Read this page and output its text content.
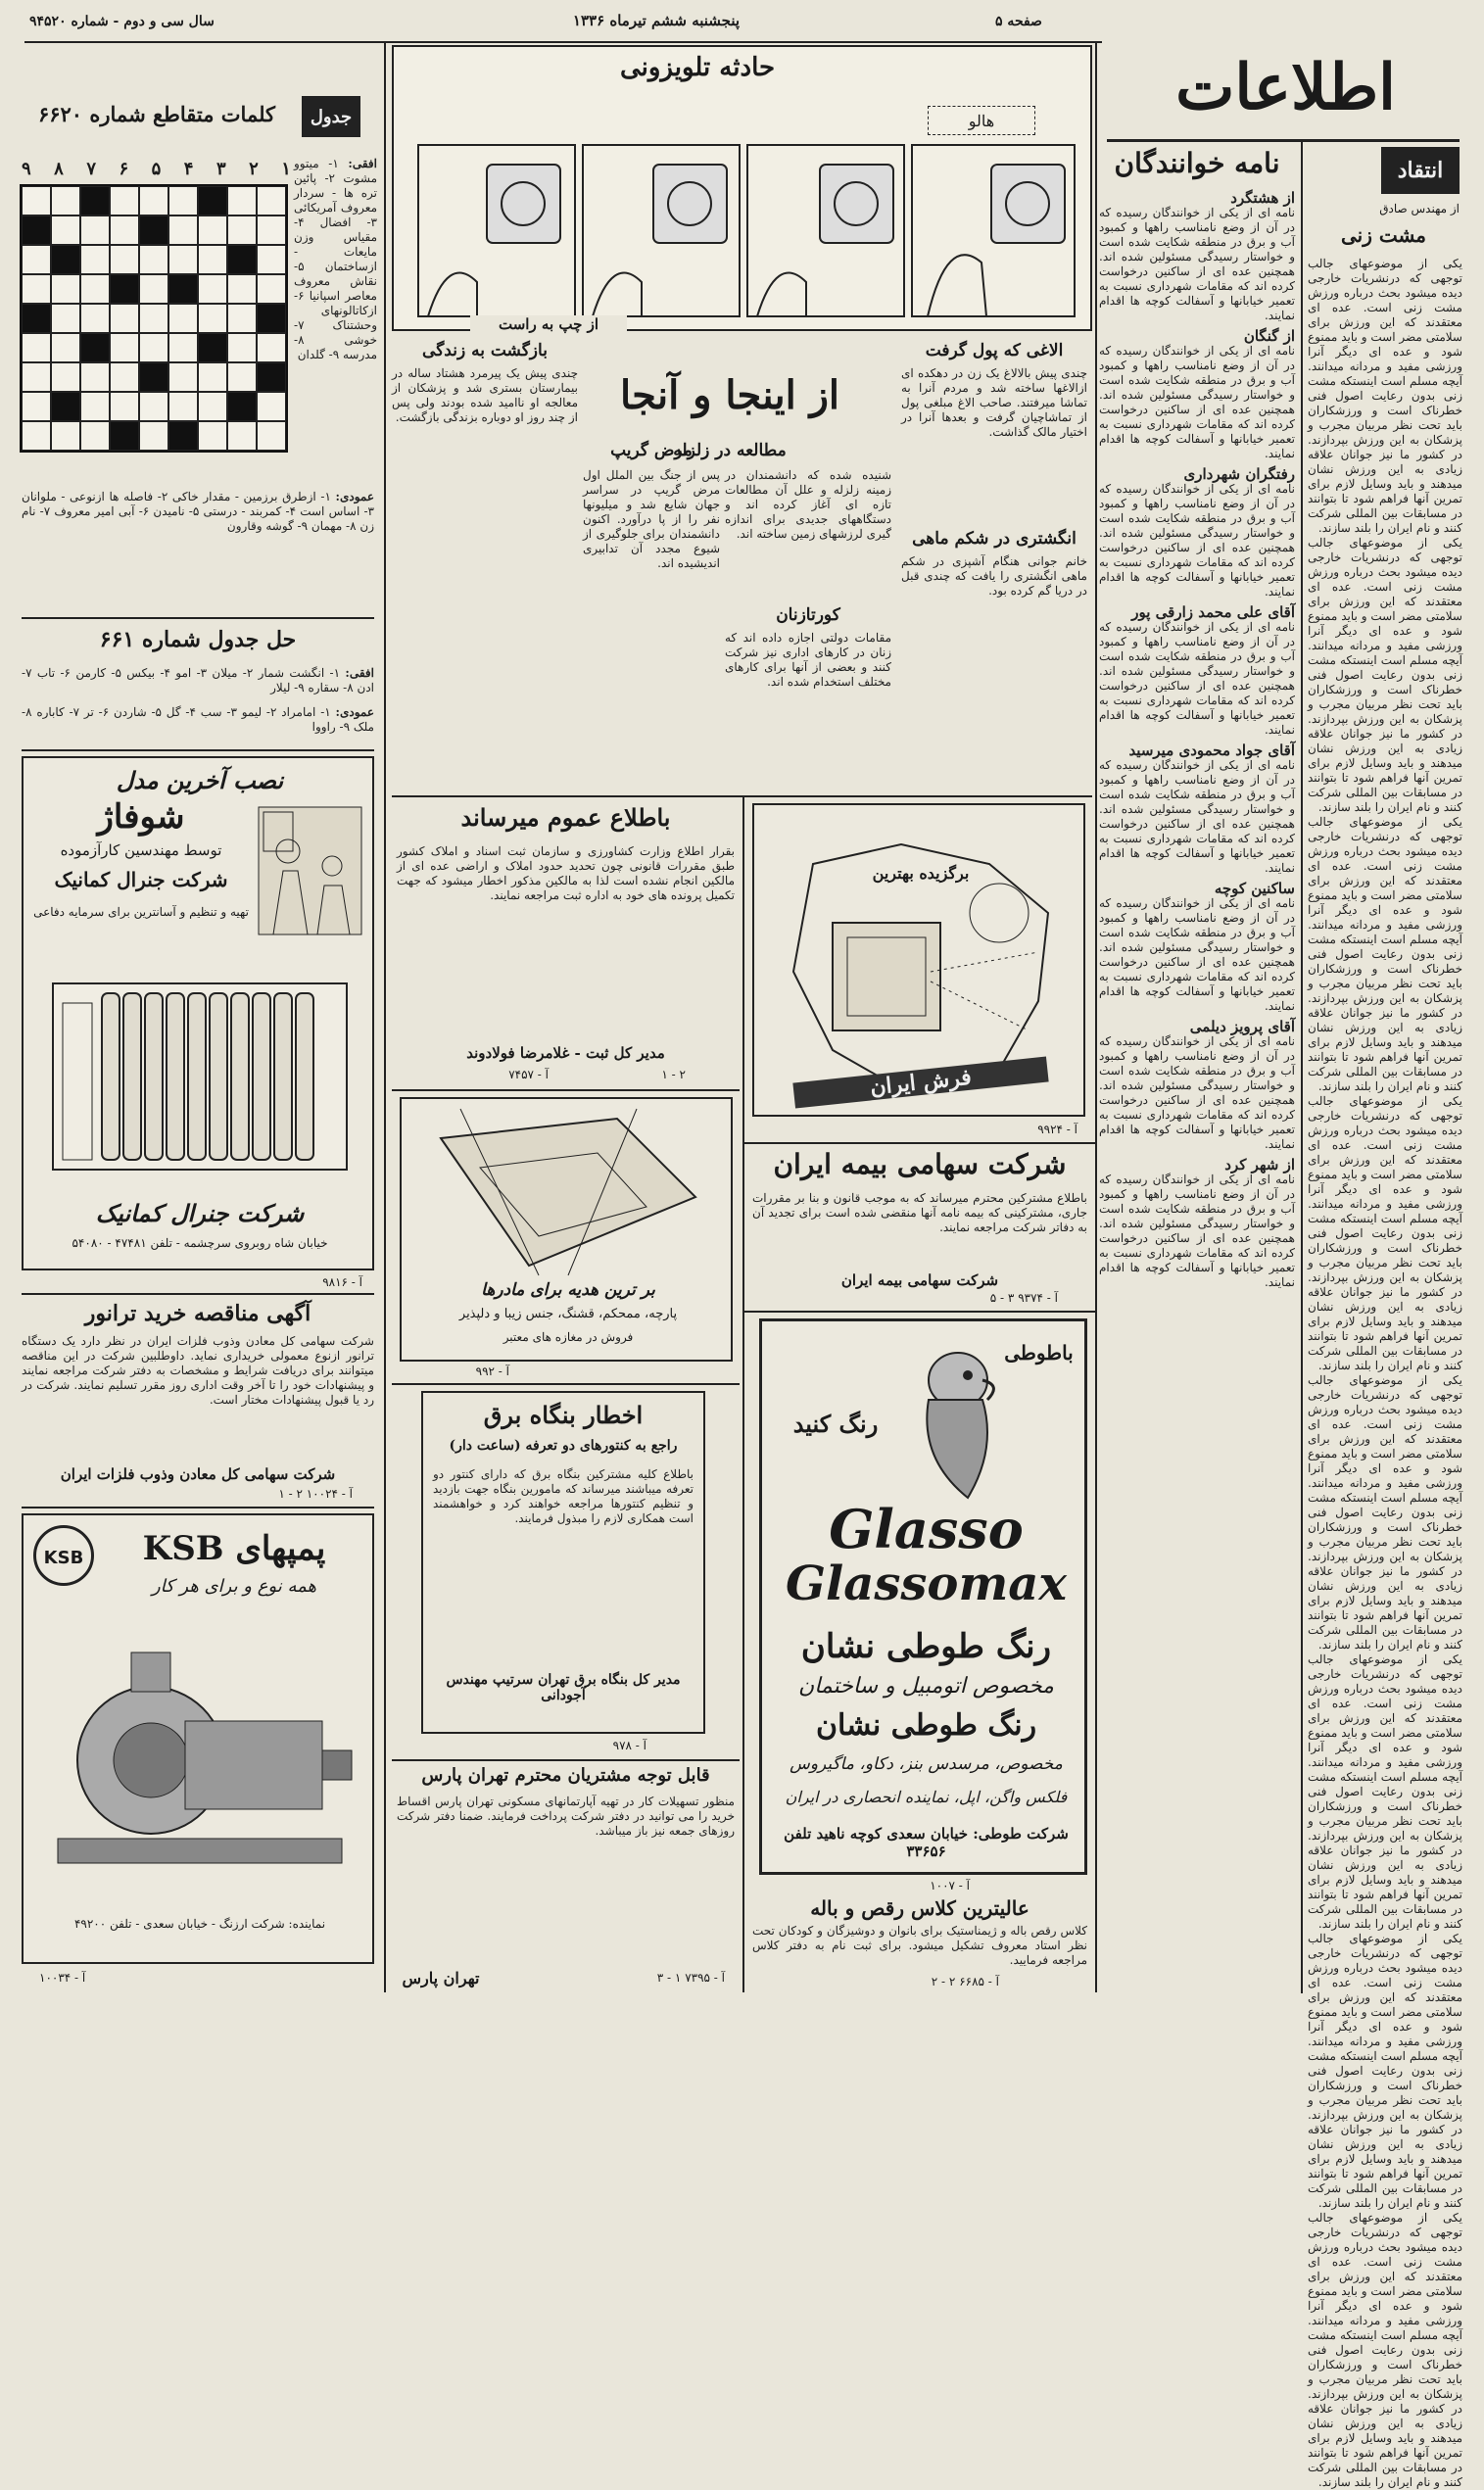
سال سی و دوم - شماره ۹۴۵۲۰	پنجشنبه ششم تیرماه ۱۳۳۶	صفحه ۵
اطلاعات
جدول
کلمات متقاطع شماره ۶۶۲۰
۹ ۸ ۷ ۶ ۵ ۴ ۳ ۲ ۱	افقی: ۱- میتوو مشوت ۲- پائین تره ها - سردار معروف آمریکائی ۳- افضال ۴- مقیاس وزن مایعات - ازساختمان ۵- نقاش معروف معاصر اسپانیا ۶- ازکاتالونهای وحشتناک ۷- خوشی ۸- مدرسه ۹- گلدان
عمودی: ۱- ازطرق برزمین - مقدار خاکی ۲- فاصله ها ازنوعی - ملوانان ۳- اساس است ۴- کمربند - درستی ۵- نامیدن ۶- آبی امیر معروف ۷- نام زن ۸- مهمان ۹- گوشه وقارون
حل جدول شماره ۶۶۱
افقی: ۱- انگشت شمار ۲- میلان ۳- امو ۴- بیکس ۵- کارمن ۶- تاب ۷- ادن ۸- سقاره ۹- لیلار
عمودی: ۱- امامراد ۲- لیمو ۳- سب ۴- گل ۵- شاردن ۶- تر ۷- کاباره ۸- ملک ۹- راووا
نصب آخرین مدل
شوفاژ
توسط مهندسین کارآزموده
شرکت جنرال کمانیک
تهیه و تنظیم و آسانترین برای سرمایه دفاعی
شرکت جنرال کمانیک
خیابان شاه روبروی سرچشمه - تلفن ۴۷۴۸۱ - ۵۴۰۸۰
آ - ۹۸۱۶
آگهی مناقصه خرید ترانور
شرکت سهامی کل معادن وذوب فلزات ایران در نظر دارد یک دستگاه ترانور ازنوع معمولی خریداری نماید. داوطلبین شرکت در این مناقصه میتوانند برای دریافت شرایط و مشخصات به دفتر شرکت مراجعه نمایند و پیشنهادات خود را تا آخر وقت اداری روز مقرر تسلیم نمایند. شرکت در رد یا قبول پیشنهادات مختار است.
شرکت سهامی کل معادن وذوب فلزات ایران
آ - ۱۰۰۲۴ ۲ - ۱
KSB	پمپهای KSB
همه نوع و برای هر کار
نماینده: شرکت ارزنگ - خیابان سعدی - تلفن ۴۹۲۰۰
آ - ۱۰۰۳۴
حادثه تلویزونی
هالو
از چپ به راست
از اینجا و آنجا
الاغی که پول گرفت
چندی پیش بالالاغ یک زن در دهکده ای ازالاغها ساخته شد و مردم آنرا به تماشا میرفتند. صاحب الاغ مبلغی پول از تماشاچیان گرفت و بعدها آنرا در اختیار مالک گذاشت.
مطالعه در زلزله
شنیده شده که دانشمندان در زمینه زلزله و علل آن مطالعات تازه ای آغاز کرده اند و دستگاههای جدیدی برای اندازه گیری لرزشهای زمین ساخته اند.
بازگشت به زندگی
چندی پیش یک پیرمرد هشتاد ساله در بیمارستان بستری شد و پزشکان از معالجه او ناامید شده بودند ولی پس از چند روز او دوباره بزندگی بازگشت.
مرض گریپ
پس از جنگ بین الملل اول مرض گریپ در سراسر جهان شایع شد و میلیونها نفر را از پا درآورد. اکنون دانشمندان برای جلوگیری از شیوع مجدد آن تدابیری اندیشیده اند.
انگشتری در شکم ماهی
خانم جوانی هنگام آشپزی در شکم ماهی انگشتری را یافت که چندی قبل در دریا گم کرده بود.
کورتازنان
مقامات دولتی اجازه داده اند که زنان در کارهای اداری نیز شرکت کنند و بعضی از آنها برای کارهای مختلف استخدام شده اند.
باطلاع عموم میرساند
بقرار اطلاع وزارت کشاورزی و سازمان ثبت اسناد و املاک کشور طبق مقررات قانونی چون تحدید حدود املاک و اراضی عده ای از مالکین انجام نشده است لذا به مالکین مذکور اخطار میشود که جهت تکمیل پرونده های خود به اداره ثبت مراجعه نمایند.
مدیر کل ثبت - غلامرضا فولادوند
آ - ۷۴۵۷	۲ - ۱
بر ترین هدیه برای مادرها
پارچه، ممحکم، قشنگ، جنس زیبا و دلپذیر
فروش در مغازه های معتبر
آ - ۹۹۲
اخطار بنگاه برق
راجع به کنتورهای دو تعرفه (ساعت دار)
باطلاع کلیه مشترکین بنگاه برق که دارای کنتور دو تعرفه میباشند میرساند که مامورین بنگاه جهت بازدید و تنظیم کنتورها مراجعه خواهند کرد و خواهشمند است همکاری لازم را مبذول فرمایند.
مدیر کل بنگاه برق تهران سرتیپ مهندس آجودانی
آ - ۹۷۸
قابل توجه مشتریان محترم تهران پارس
منظور تسهیلات کار در تهیه آپارتمانهای مسکونی تهران پارس اقساط خرید را می توانید در دفتر شرکت پرداخت فرمایند. ضمنا دفتر شرکت روزهای جمعه نیز باز میباشد.
تهران پارس	آ - ۷۳۹۵ ۱ - ۳
برگزیده بهترین
فرش ایران
آ - ۹۹۲۴
شرکت سهامی بیمه ایران
باطلاع مشترکین محترم میرساند که به موجب قانون و بنا بر مقررات جاری، مشترکینی که بیمه نامه آنها منقضی شده است برای تجدید آن به دفاتر شرکت مراجعه نمایند.
شرکت سهامی بیمه ایران
آ - ۹۳۷۴ ۳ - ۵
باطوطی
رنگ کنید
Glasso
Glassomax
رنگ طوطی نشان
مخصوص اتومبیل و ساختمان
رنگ طوطی نشان
مخصوص، مرسدس بنز، دکاو، ماگیروس
فلکس واگن، اپل، نماینده انحصاری در ایران
شرکت طوطی: خیابان سعدی کوچه ناهید تلفن ۳۳۶۵۶
آ - ۱۰۰۷
عالیترین کلاس رقص و باله
کلاس رقص باله و ژیمناستیک برای بانوان و دوشیزگان و کودکان تحت نظر استاد معروف تشکیل میشود. برای ثبت نام به دفتر کلاس مراجعه فرمایید.
آ - ۶۶۸۵ ۲ - ۲
نامه خوانندگان
از هشتگرد
نامه ای از یکی از خوانندگان رسیده که در آن از وضع نامناسب راهها و کمبود آب و برق در منطقه شکایت شده است و خواستار رسیدگی مسئولین شده اند. همچنین عده ای از ساکنین درخواست کرده اند که مقامات شهرداری نسبت به تعمیر خیابانها و آسفالت کوچه ها اقدام نمایند.
از گنگان
نامه ای از یکی از خوانندگان رسیده که در آن از وضع نامناسب راهها و کمبود آب و برق در منطقه شکایت شده است و خواستار رسیدگی مسئولین شده اند. همچنین عده ای از ساکنین درخواست کرده اند که مقامات شهرداری نسبت به تعمیر خیابانها و آسفالت کوچه ها اقدام نمایند.
رفتگران شهرداری
نامه ای از یکی از خوانندگان رسیده که در آن از وضع نامناسب راهها و کمبود آب و برق در منطقه شکایت شده است و خواستار رسیدگی مسئولین شده اند. همچنین عده ای از ساکنین درخواست کرده اند که مقامات شهرداری نسبت به تعمیر خیابانها و آسفالت کوچه ها اقدام نمایند.
آقای علی محمد زارقی پور
نامه ای از یکی از خوانندگان رسیده که در آن از وضع نامناسب راهها و کمبود آب و برق در منطقه شکایت شده است و خواستار رسیدگی مسئولین شده اند. همچنین عده ای از ساکنین درخواست کرده اند که مقامات شهرداری نسبت به تعمیر خیابانها و آسفالت کوچه ها اقدام نمایند.
آقای جواد محمودی میرسید
نامه ای از یکی از خوانندگان رسیده که در آن از وضع نامناسب راهها و کمبود آب و برق در منطقه شکایت شده است و خواستار رسیدگی مسئولین شده اند. همچنین عده ای از ساکنین درخواست کرده اند که مقامات شهرداری نسبت به تعمیر خیابانها و آسفالت کوچه ها اقدام نمایند.
ساکنین کوچه
نامه ای از یکی از خوانندگان رسیده که در آن از وضع نامناسب راهها و کمبود آب و برق در منطقه شکایت شده است و خواستار رسیدگی مسئولین شده اند. همچنین عده ای از ساکنین درخواست کرده اند که مقامات شهرداری نسبت به تعمیر خیابانها و آسفالت کوچه ها اقدام نمایند.
آقای پرویز دیلمی
نامه ای از یکی از خوانندگان رسیده که در آن از وضع نامناسب راهها و کمبود آب و برق در منطقه شکایت شده است و خواستار رسیدگی مسئولین شده اند. همچنین عده ای از ساکنین درخواست کرده اند که مقامات شهرداری نسبت به تعمیر خیابانها و آسفالت کوچه ها اقدام نمایند.
از شهر کرد
نامه ای از یکی از خوانندگان رسیده که در آن از وضع نامناسب راهها و کمبود آب و برق در منطقه شکایت شده است و خواستار رسیدگی مسئولین شده اند. همچنین عده ای از ساکنین درخواست کرده اند که مقامات شهرداری نسبت به تعمیر خیابانها و آسفالت کوچه ها اقدام نمایند.
انتقاد
از مهندس صادق
مشت زنی
یکی از موضوعهای جالب توجهی که درنشریات خارجی دیده میشود بحث درباره ورزش مشت زنی است. عده ای معتقدند که این ورزش برای سلامتی مضر است و باید ممنوع شود و عده ای دیگر آنرا ورزشی مفید و مردانه میدانند. آیچه مسلم است اینستکه مشت زنی بدون رعایت اصول فنی خطرناک است و ورزشکاران باید تحت نظر مربیان مجرب و پزشکان به این ورزش بپردازند. در کشور ما نیز جوانان علاقه زیادی به این ورزش نشان میدهند و باید وسایل لازم برای تمرین آنها فراهم شود تا بتوانند در مسابقات بین المللی شرکت کنند و نام ایران را بلند سازند.
یکی از موضوعهای جالب توجهی که درنشریات خارجی دیده میشود بحث درباره ورزش مشت زنی است. عده ای معتقدند که این ورزش برای سلامتی مضر است و باید ممنوع شود و عده ای دیگر آنرا ورزشی مفید و مردانه میدانند. آیچه مسلم است اینستکه مشت زنی بدون رعایت اصول فنی خطرناک است و ورزشکاران باید تحت نظر مربیان مجرب و پزشکان به این ورزش بپردازند. در کشور ما نیز جوانان علاقه زیادی به این ورزش نشان میدهند و باید وسایل لازم برای تمرین آنها فراهم شود تا بتوانند در مسابقات بین المللی شرکت کنند و نام ایران را بلند سازند.
یکی از موضوعهای جالب توجهی که درنشریات خارجی دیده میشود بحث درباره ورزش مشت زنی است. عده ای معتقدند که این ورزش برای سلامتی مضر است و باید ممنوع شود و عده ای دیگر آنرا ورزشی مفید و مردانه میدانند. آیچه مسلم است اینستکه مشت زنی بدون رعایت اصول فنی خطرناک است و ورزشکاران باید تحت نظر مربیان مجرب و پزشکان به این ورزش بپردازند. در کشور ما نیز جوانان علاقه زیادی به این ورزش نشان میدهند و باید وسایل لازم برای تمرین آنها فراهم شود تا بتوانند در مسابقات بین المللی شرکت کنند و نام ایران را بلند سازند.
یکی از موضوعهای جالب توجهی که درنشریات خارجی دیده میشود بحث درباره ورزش مشت زنی است. عده ای معتقدند که این ورزش برای سلامتی مضر است و باید ممنوع شود و عده ای دیگر آنرا ورزشی مفید و مردانه میدانند. آیچه مسلم است اینستکه مشت زنی بدون رعایت اصول فنی خطرناک است و ورزشکاران باید تحت نظر مربیان مجرب و پزشکان به این ورزش بپردازند. در کشور ما نیز جوانان علاقه زیادی به این ورزش نشان میدهند و باید وسایل لازم برای تمرین آنها فراهم شود تا بتوانند در مسابقات بین المللی شرکت کنند و نام ایران را بلند سازند.
یکی از موضوعهای جالب توجهی که درنشریات خارجی دیده میشود بحث درباره ورزش مشت زنی است. عده ای معتقدند که این ورزش برای سلامتی مضر است و باید ممنوع شود و عده ای دیگر آنرا ورزشی مفید و مردانه میدانند. آیچه مسلم است اینستکه مشت زنی بدون رعایت اصول فنی خطرناک است و ورزشکاران باید تحت نظر مربیان مجرب و پزشکان به این ورزش بپردازند. در کشور ما نیز جوانان علاقه زیادی به این ورزش نشان میدهند و باید وسایل لازم برای تمرین آنها فراهم شود تا بتوانند در مسابقات بین المللی شرکت کنند و نام ایران را بلند سازند.
یکی از موضوعهای جالب توجهی که درنشریات خارجی دیده میشود بحث درباره ورزش مشت زنی است. عده ای معتقدند که این ورزش برای سلامتی مضر است و باید ممنوع شود و عده ای دیگر آنرا ورزشی مفید و مردانه میدانند. آیچه مسلم است اینستکه مشت زنی بدون رعایت اصول فنی خطرناک است و ورزشکاران باید تحت نظر مربیان مجرب و پزشکان به این ورزش بپردازند. در کشور ما نیز جوانان علاقه زیادی به این ورزش نشان میدهند و باید وسایل لازم برای تمرین آنها فراهم شود تا بتوانند در مسابقات بین المللی شرکت کنند و نام ایران را بلند سازند.
یکی از موضوعهای جالب توجهی که درنشریات خارجی دیده میشود بحث درباره ورزش مشت زنی است. عده ای معتقدند که این ورزش برای سلامتی مضر است و باید ممنوع شود و عده ای دیگر آنرا ورزشی مفید و مردانه میدانند. آیچه مسلم است اینستکه مشت زنی بدون رعایت اصول فنی خطرناک است و ورزشکاران باید تحت نظر مربیان مجرب و پزشکان به این ورزش بپردازند. در کشور ما نیز جوانان علاقه زیادی به این ورزش نشان میدهند و باید وسایل لازم برای تمرین آنها فراهم شود تا بتوانند در مسابقات بین المللی شرکت کنند و نام ایران را بلند سازند.
یکی از موضوعهای جالب توجهی که درنشریات خارجی دیده میشود بحث درباره ورزش مشت زنی است. عده ای معتقدند که این ورزش برای سلامتی مضر است و باید ممنوع شود و عده ای دیگر آنرا ورزشی مفید و مردانه میدانند. آیچه مسلم است اینستکه مشت زنی بدون رعایت اصول فنی خطرناک است و ورزشکاران باید تحت نظر مربیان مجرب و پزشکان به این ورزش بپردازند. در کشور ما نیز جوانان علاقه زیادی به این ورزش نشان میدهند و باید وسایل لازم برای تمرین آنها فراهم شود تا بتوانند در مسابقات بین المللی شرکت کنند و نام ایران را بلند سازند.
